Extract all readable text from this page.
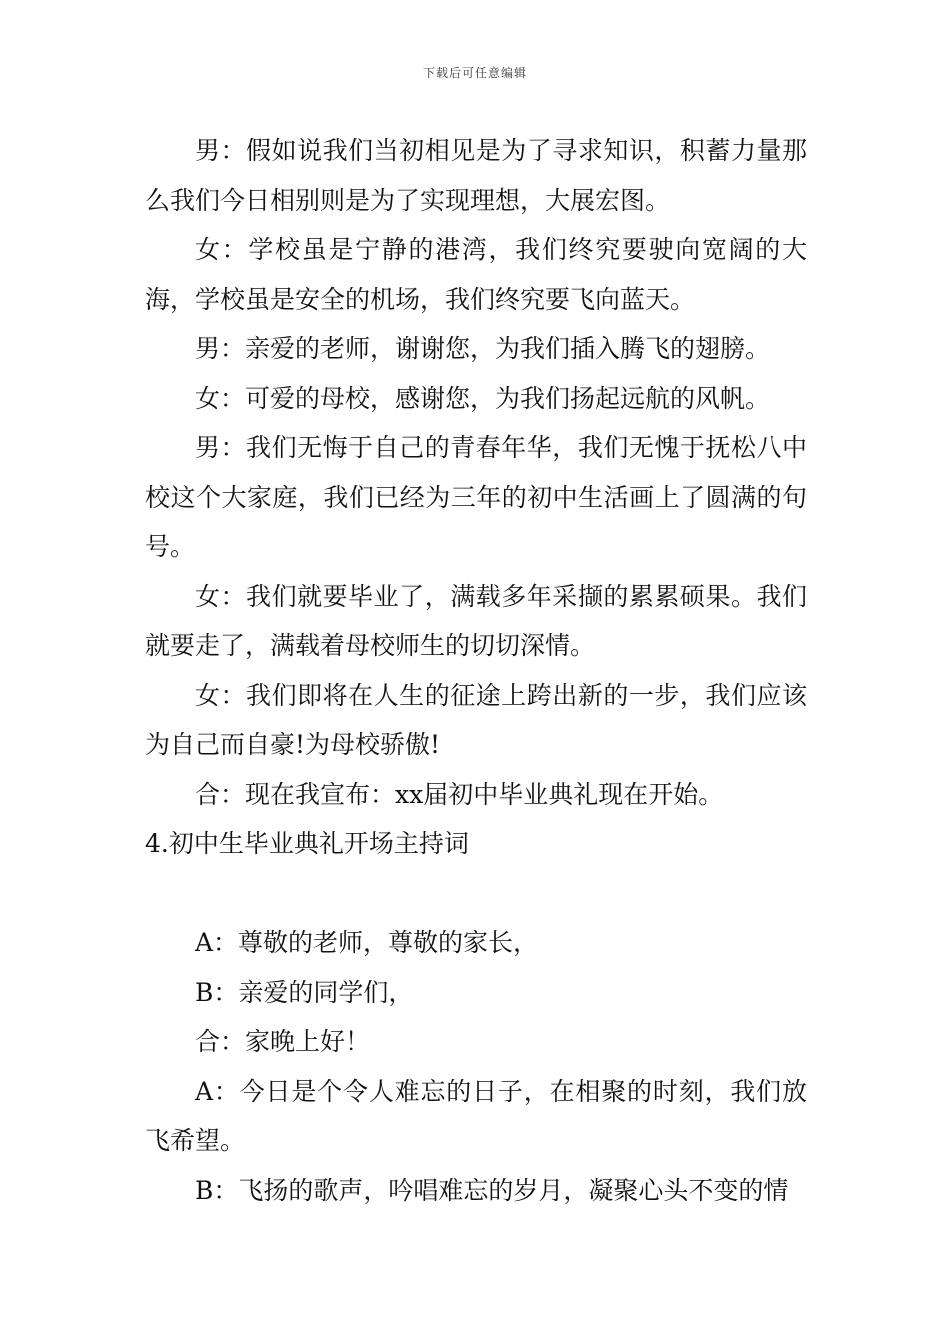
下载后可任意编辑

男：假如说我们当初相见是为了寻求知识，积蓄力量那么我们今日相别则是为了实现理想，大展宏图。

女：学校虽是宁静的港湾，我们终究要驶向宽阔的大海，学校虽是安全的机场，我们终究要飞向蓝天。

男：亲爱的老师，谢谢您，为我们插入腾飞的翅膀。

女：可爱的母校，感谢您，为我们扬起远航的风帆。

男：我们无悔于自己的青春年华，我们无愧于抚松八中校这个大家庭，我们已经为三年的初中生活画上了圆满的句号。

女：我们就要毕业了，满载多年采撷的累累硕果。我们就要走了，满载着母校师生的切切深情。

女：我们即将在人生的征途上跨出新的一步，我们应该为自己而自豪!为母校骄傲!

合：现在我宣布：xx届初中毕业典礼现在开始。

4.初中生毕业典礼开场主持词

A：尊敬的老师，尊敬的家长，

B：亲爱的同学们，

合：家晚上好！

A：今日是个令人难忘的日子，在相聚的时刻，我们放飞希望。

B：飞扬的歌声，吟唱难忘的岁月，凝聚心头不变的情
